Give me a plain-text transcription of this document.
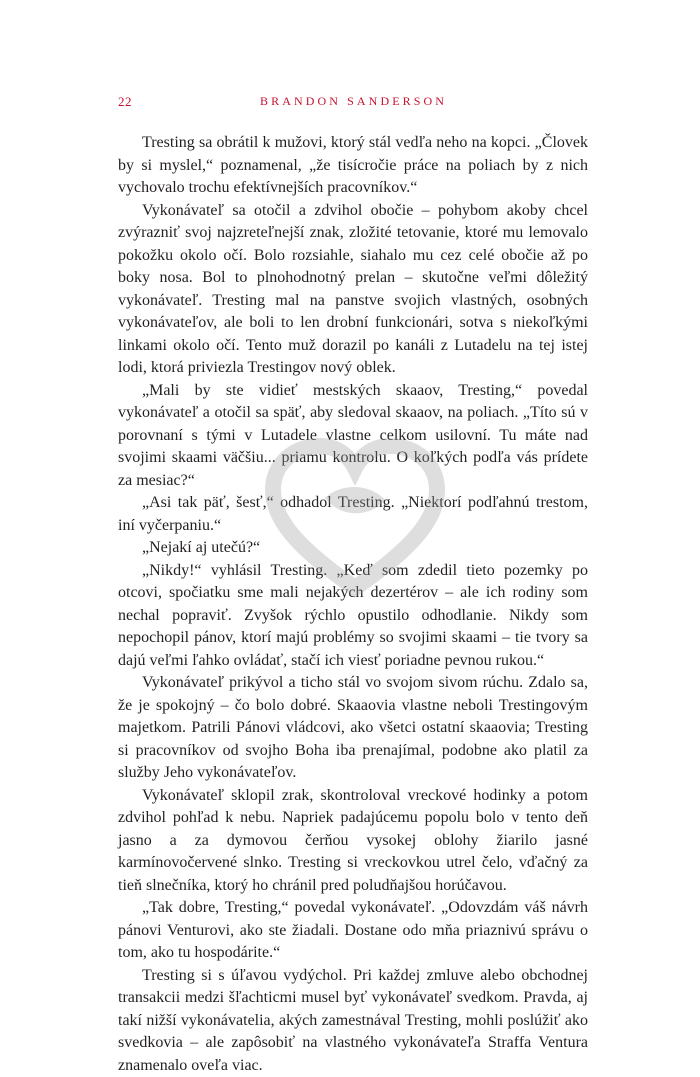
22	BRANDON SANDERSON

Tresting sa obrátil k mužovi, ktorý stál vedľa neho na kopci. „Človek by si myslel,“ poznamenal, „že tisícročie práce na poliach by z nich vychovalo trochu efektívnejších pracovníkov.“

Vykonávateľ sa otočil a zdvihol obočie – pohybom akoby chcel zvýrazniť svoj najzreteľnejší znak, zložité tetovanie, ktoré mu lemovalo pokožku okolo očí. Bolo rozsiahle, siahalo mu cez celé obočie až po boky nosa. Bol to plnohodnotný prelan – skutočne veľmi dôležitý vykonávateľ. Tresting mal na panstve svojich vlastných, osobných vykonávateľov, ale boli to len drobní funkcionári, sotva s niekoľkými linkami okolo očí. Tento muž dorazil po kanáli z Lutadelu na tej istej lodi, ktorá priviezla Trestingov nový oblek.

„Mali by ste vidieť mestských skaaov, Tresting,“ povedal vykonávateľ a otočil sa späť, aby sledoval skaaov, na poliach. „Títo sú v porovnaní s tými v Lutadele vlastne celkom usilovní. Tu máte nad svojimi skaami väčšiu... priamu kontrolu. O koľkých podľa vás prídete za mesiac?“

„Asi tak päť, šesť,“ odhadol Tresting. „Niektorí podľahnú trestom, iní vyčerpaniu.“

„Nejakí aj utečú?“

„Nikdy!“ vyhlásil Tresting. „Keď som zdedil tieto pozemky po otcovi, spočiatku sme mali nejakých dezertérov – ale ich rodiny som nechal popraviť. Zvyšok rýchlo opustilo odhodlanie. Nikdy som nepochopil pánov, ktorí majú problémy so svojimi skaami – tie tvory sa dajú veľmi ľahko ovládať, stačí ich viesť poriadne pevnou rukou.“

Vykonávateľ prikývol a ticho stál vo svojom sivom rúchu. Zdalo sa, že je spokojný – čo bolo dobré. Skaaovia vlastne neboli Trestingovým majetkom. Patrili Pánovi vládcovi, ako všetci ostatní skaaovia; Tresting si pracovníkov od svojho Boha iba prenajímal, podobne ako platil za služby Jeho vykonávateľov.

Vykonávateľ sklopil zrak, skontroloval vreckové hodinky a potom zdvihol pohľad k nebu. Napriek padajúcemu popolu bolo v tento deň jasno a za dymovou čerňou vysokej oblohy žiarilo jasné karmínovočervené slnko. Tresting si vreckovkou utrel čelo, vďačný za tieň slnečníka, ktorý ho chránil pred poludňajšou horúčavou.

„Tak dobre, Tresting,“ povedal vykonávateľ. „Odovzdám váš návrh pánovi Venturovi, ako ste žiadali. Dostane odo mňa priaznivú správu o tom, ako tu hospodárite.“

Tresting si s úľavou vydýchol. Pri každej zmluve alebo obchodnej transakcii medzi šľachticmi musel byť vykonávateľ svedkom. Pravda, aj takí nižší vykonávatelia, akých zamestnával Tresting, mohli poslúžiť ako svedkovia – ale zapôsobiť na vlastného vykonávateľa Straffa Ventura znamenalo oveľa viac.
